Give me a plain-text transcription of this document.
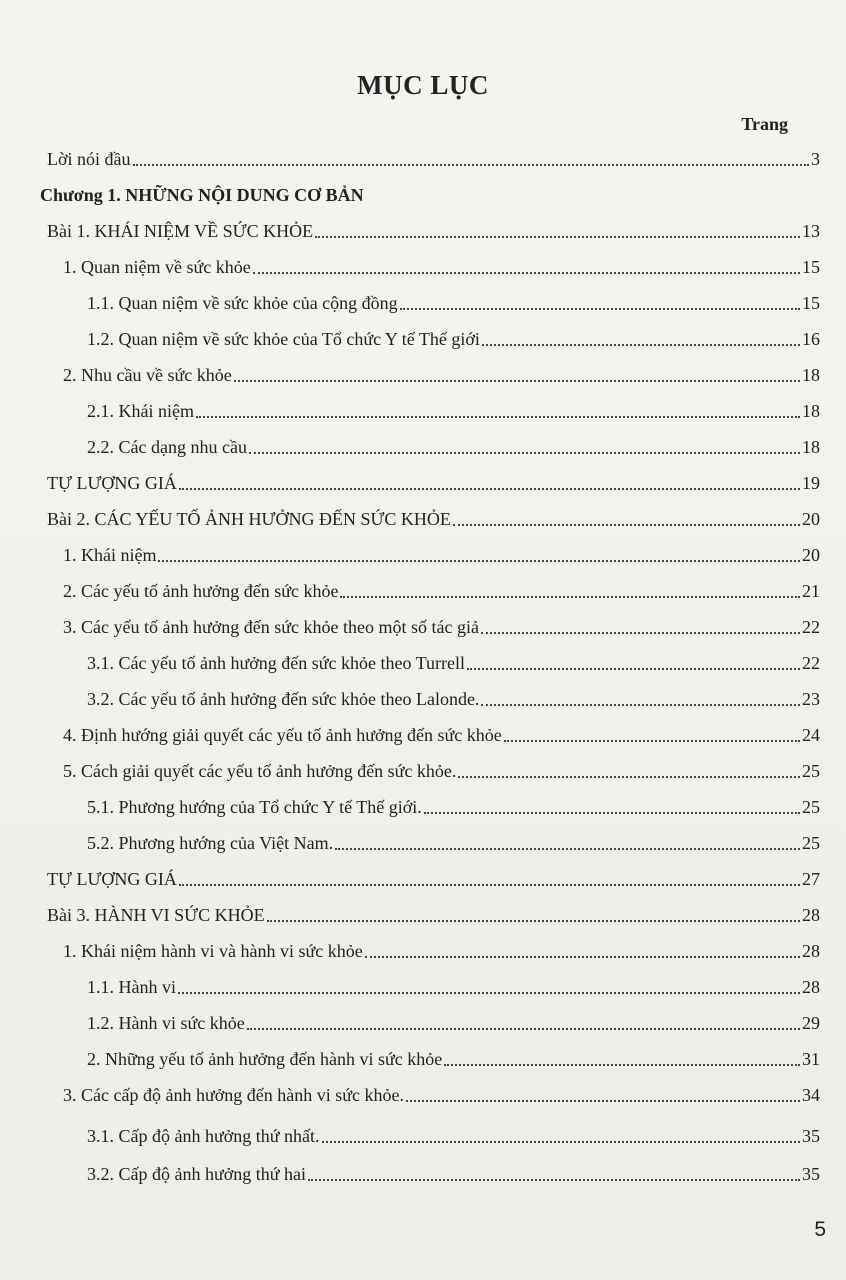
MỤC LỤC
Trang
Lời nói đầu	3
Chương 1. NHỮNG NỘI DUNG CƠ BẢN
Bài 1. KHÁI NIỆM VỀ SỨC KHỎE	13
1. Quan niệm về sức khỏe	15
1.1. Quan niệm về sức khỏe của cộng đồng	15
1.2. Quan niệm về sức khỏe của Tổ chức Y tế Thế giới	16
2. Nhu cầu về sức khỏe	18
2.1. Khái niệm	18
2.2. Các dạng nhu cầu	18
TỰ LƯỢNG GIÁ	19
Bài 2. CÁC YẾU TỐ ẢNH HƯỞNG ĐẾN SỨC KHỎE	20
1. Khái niệm	20
2. Các yếu tố ảnh hưởng đến sức khỏe	21
3. Các yếu tố ảnh hưởng đến sức khỏe theo một số tác giả	22
3.1. Các yếu tố ảnh hưởng đến sức khỏe theo Turrell	22
3.2. Các yếu tố ảnh hưởng đến sức khỏe theo Lalonde.	23
4. Định hướng giải quyết các yếu tố ảnh hưởng đến sức khỏe	24
5. Cách giải quyết các yếu tố ảnh hưởng đến sức khỏe.	25
5.1. Phương hướng của Tổ chức Y tế Thế giới.	25
5.2. Phương hướng của Việt Nam.	25
TỰ LƯỢNG GIÁ	27
Bài 3. HÀNH VI SỨC KHỎE	28
1. Khái niệm hành vi và hành vi sức khỏe	28
1.1. Hành vi	28
1.2. Hành vi sức khỏe	29
2. Những yếu tố ảnh hưởng đến hành vi sức khỏe	31
3. Các cấp độ ảnh hưởng đến hành vi sức khỏe.	34
3.1. Cấp độ ảnh hưởng thứ nhất.	35
3.2. Cấp độ ảnh hưởng thứ hai	35
5
